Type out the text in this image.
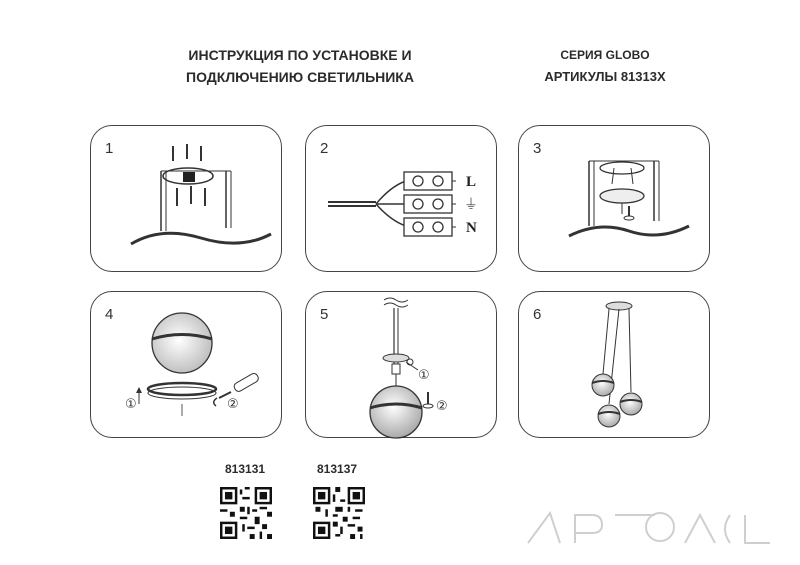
ИНСТРУКЦИЯ ПО УСТАНОВКЕ И
ПОДКЛЮЧЕНИЮ СВЕТИЛЬНИКА
СЕРИЯ GLOBO
АРТИКУЛЫ 81313X
1	2
L
⏚
N
3
4
①	②
5
①
②
6
813131	813137
